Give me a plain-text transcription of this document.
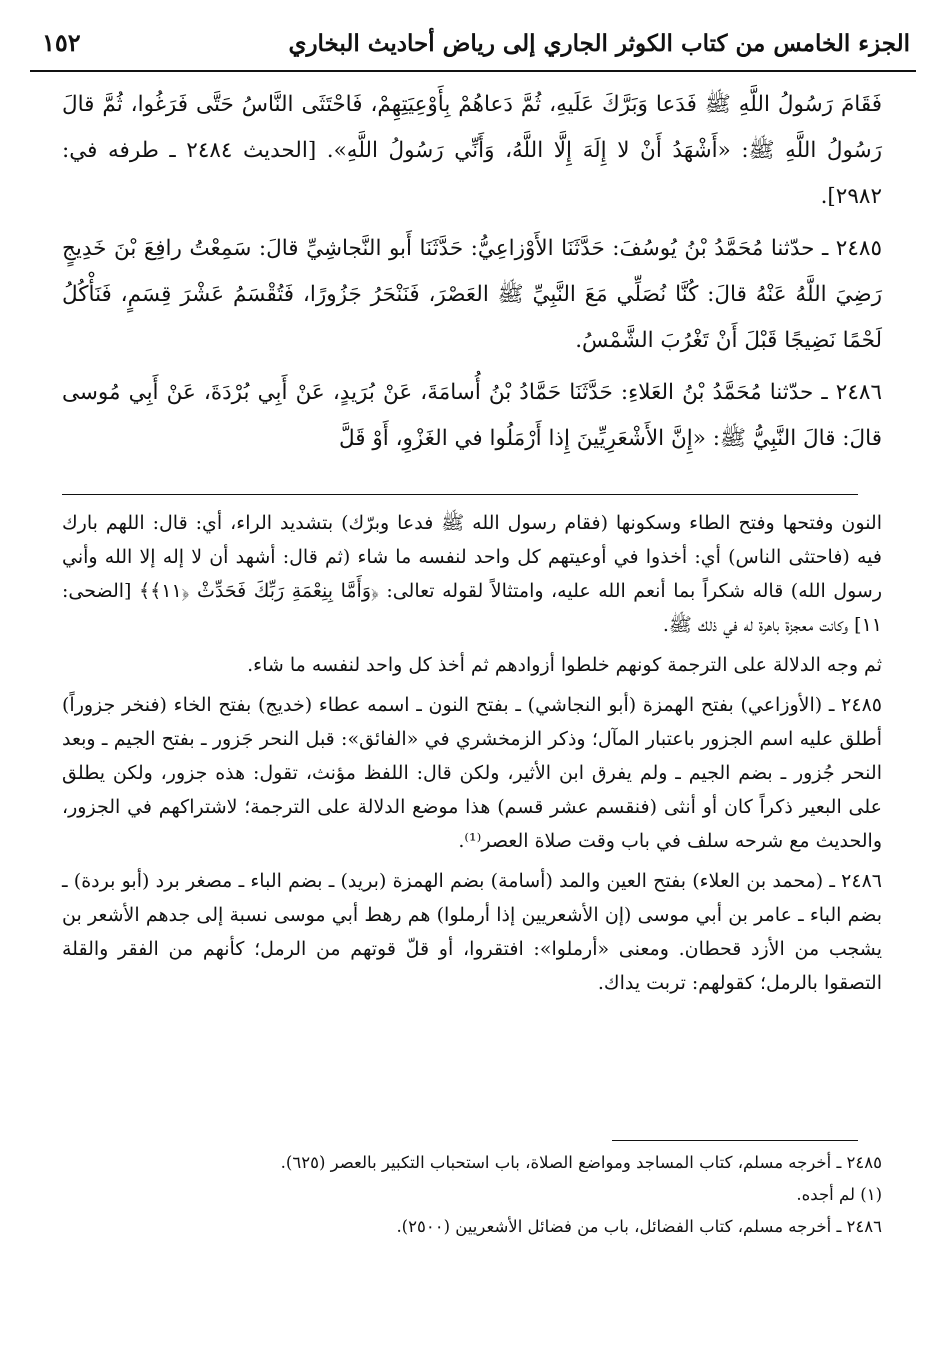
الجزء الخامس من كتاب الكوثر الجاري إلى رياض أحاديث البخاري
١٥٢

فَقَامَ رَسُولُ اللَّهِ ﷺ فَدَعا وَبَرَّكَ عَلَيهِ، ثُمَّ دَعاهُمْ بِأَوْعِيَتِهِمْ، فَاحْتَثَى النَّاسُ حَتَّى فَرَغُوا، ثُمَّ قالَ رَسُولُ اللَّهِ ﷺ: «أَشْهَدُ أَنْ لا إِلَهَ إِلَّا اللَّهُ، وَأَنِّي رَسُولُ اللَّهِ». [الحديث ٢٤٨٤ ـ طرفه في: ٢٩٨٢].

٢٤٨٥ ـ حدّثنا مُحَمَّدُ بْنُ يُوسُفَ: حَدَّثَنَا الأَوْزاعِيُّ: حَدَّثَنَا أَبو النَّجاشِيِّ قالَ: سَمِعْتُ رافِعَ بْنَ خَدِيجٍ رَضِيَ اللَّهُ عَنْهُ قالَ: كُنَّا نُصَلِّي مَعَ النَّبِيِّ ﷺ العَصْرَ، فَنَنْحَرُ جَزُورًا، فَتُقْسَمُ عَشْرَ قِسَمٍ، فَنَأْكُلُ لَحْمًا نَضِيجًا قَبْلَ أَنْ تَغْرُبَ الشَّمْسُ.

٢٤٨٦ ـ حدّثنا مُحَمَّدُ بْنُ العَلاءِ: حَدَّثَنَا حَمَّادُ بْنُ أُسامَةَ، عَنْ بُرَيدٍ، عَنْ أَبِي بُرْدَةَ، عَنْ أَبِي مُوسى قالَ: قالَ النَّبِيُّ ﷺ: «إِنَّ الأَشْعَرِيِّينَ إِذا أَرْمَلُوا في الغَزْوِ، أَوْ قَلَّ

النون وفتحها وفتح الطاء وسكونها (فقام رسول الله ﷺ فدعا وبرّك) بتشديد الراء، أي: قال: اللهم بارك فيه (فاحتثى الناس) أي: أخذوا في أوعيتهم كل واحد لنفسه ما شاء (ثم قال: أشهد أن لا إله إلا الله وأني رسول الله) قاله شكراً بما أنعم الله عليه، وامتثالاً لقوله تعالى: ﴿وَأَمَّا بِنِعْمَةِ رَبِّكَ فَحَدِّثْ ﴿١١﴾﴾ [الضحى: ١١] وكانت معجزة باهرة له في ذلك ﷺ.

ثم وجه الدلالة على الترجمة كونهم خلطوا أزوادهم ثم أخذ كل واحد لنفسه ما شاء.

٢٤٨٥ ـ (الأوزاعي) بفتح الهمزة (أبو النجاشي) ـ بفتح النون ـ اسمه عطاء (خديج) بفتح الخاء (فنخر جزوراً) أطلق عليه اسم الجزور باعتبار المآل؛ وذكر الزمخشري في «الفائق»: قبل النحر جَزور ـ بفتح الجيم ـ وبعد النحر جُزور ـ بضم الجيم ـ ولم يفرق ابن الأثير، ولكن قال: اللفظ مؤنث، تقول: هذه جزور، ولكن يطلق على البعير ذكراً كان أو أنثى (فنقسم عشر قسم) هذا موضع الدلالة على الترجمة؛ لاشتراكهم في الجزور، والحديث مع شرحه سلف في باب وقت صلاة العصر⁽¹⁾.

٢٤٨٦ ـ (محمد بن العلاء) بفتح العين والمد (أسامة) بضم الهمزة (بريد) ـ بضم الباء ـ مصغر برد (أبو بردة) ـ بضم الباء ـ عامر بن أبي موسى (إن الأشعريين إذا أرملوا) هم رهط أبي موسى نسبة إلى جدهم الأشعر بن يشجب من الأزد قحطان. ومعنى «أرملوا»: افتقروا، أو قلّ قوتهم من الرمل؛ كأنهم من الفقر والقلة التصقوا بالرمل؛ كقولهم: تربت يداك.

٢٤٨٥ ـ أخرجه مسلم، كتاب المساجد ومواضع الصلاة، باب استحباب التكبير بالعصر (٦٢٥).

(١) لم أجده.

٢٤٨٦ ـ أخرجه مسلم، كتاب الفضائل، باب من فضائل الأشعريين (٢٥٠٠).
